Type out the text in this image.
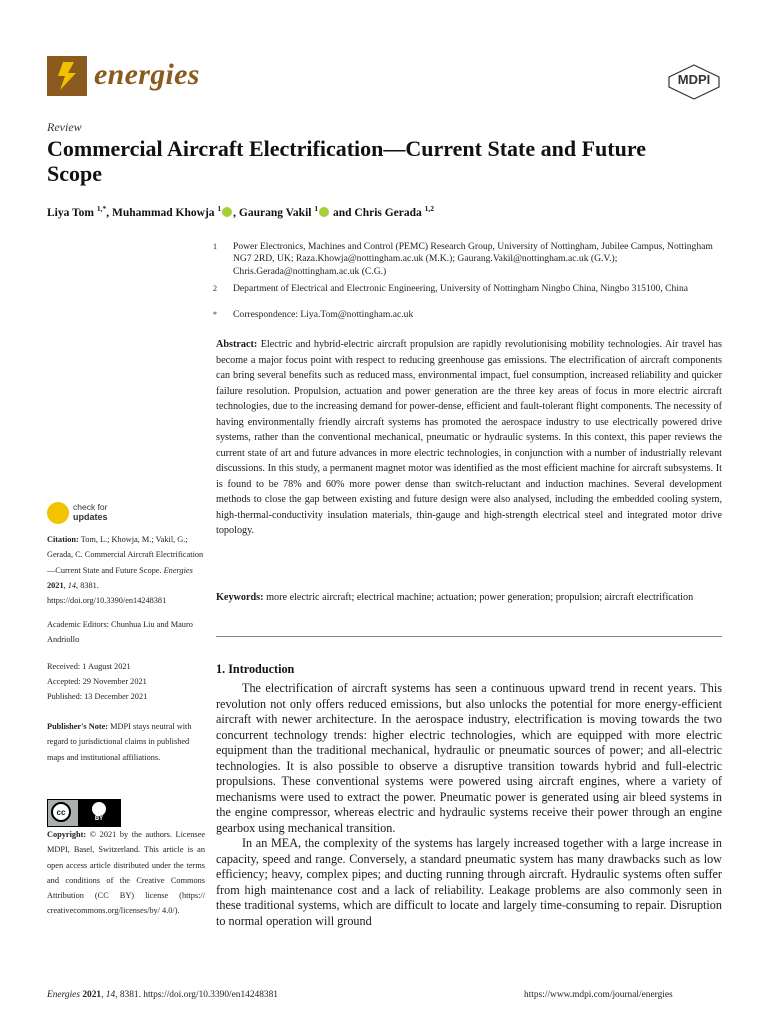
energies	MDPI
Review
Commercial Aircraft Electrification—Current State and Future Scope
Liya Tom $^{1,*}$, Muhammad Khowja $^1$ , Gaurang Vakil $^1$ and Chris Gerada $^{1,2}$
1 Power Electronics, Machines and Control (PEMC) Research Group, University of Nottingham, Jubilee Campus, Nottingham NG7 2RD, UK; Raza.Khowja@nottingham.ac.uk (M.K.); Gaurang.Vakil@nottingham.ac.uk (G.V.); Chris.Gerada@nottingham.ac.uk (C.G.)
2 Department of Electrical and Electronic Engineering, University of Nottingham Ningbo China, Ningbo 315100, China
* Correspondence: Liya.Tom@nottingham.ac.uk
Abstract: Electric and hybrid-electric aircraft propulsion are rapidly revolutionising mobility technologies. Air travel has become a major focus point with respect to reducing greenhouse gas emissions. The electrification of aircraft components can bring several benefits such as reduced mass, environmental impact, fuel consumption, increased reliability and quicker failure resolution. Propulsion, actuation and power generation are the three key areas of focus in more electric aircraft technologies, due to the increasing demand for power-dense, efficient and fault-tolerant flight components. The necessity of having environmentally friendly aircraft systems has promoted the aerospace industry to use electrically powered drive systems, rather than the conventional mechanical, pneumatic or hydraulic systems. In this context, this paper reviews the current state of art and future advances in more electric technologies, in conjunction with a number of industrially relevant discussions. In this study, a permanent magnet motor was identified as the most efficient machine for aircraft subsystems. It is found to be 78% and 60% more power dense than switch-reluctant and induction machines. Several development methods to close the gap between existing and future design were also analysed, including the embedded cooling system, high-thermal-conductivity insulation materials, thin-gauge and high-strength electrical steel and integrated motor drive topology.
Keywords: more electric aircraft; electrical machine; actuation; power generation; propulsion; aircraft electrification
check for
updates
Citation: Tom, L.; Khowja, M.; Vakil, G.; Gerada, C. Commercial Aircraft Electrification—Current State and Future Scope. Energies 2021, 14, 8381. https://doi.org/10.3390/en14248381
Academic Editors: Chunhua Liu and Mauro Andriollo
Received: 1 August 2021
Accepted: 29 November 2021
Published: 13 December 2021
Publisher's Note: MDPI stays neutral with regard to jurisdictional claims in published maps and institutional affiliations.
cc
BY
Copyright: © 2021 by the authors. Licensee MDPI, Basel, Switzerland. This article is an open access article distributed under the terms and conditions of the Creative Commons Attribution (CC BY) license (https:// creativecommons.org/licenses/by/ 4.0/).
1. Introduction

The electrification of aircraft systems has seen a continuous upward trend in recent years. This revolution not only offers reduced emissions, but also unlocks the potential for more energy-efficient aircraft with newer architecture. In the aerospace industry, electrification is moving towards the two concurrent technology trends: higher electric technologies, which are equipped with more electric equipment than the traditional mechanical, hydraulic or pneumatic sources of power; and all-electric technologies. It is also possible to observe a disruptive transition towards hybrid and full-electric propulsions. These conventional systems were powered using aircraft engines, where a variety of mechanisms were used to extract the power. Pneumatic power is generated using air bleed systems in the engine compressor, whereas electric and hydraulic systems receive their power through an engine gearbox using mechanical transition.

In an MEA, the complexity of the systems has largely increased together with a large increase in capacity, speed and range. Conversely, a standard pneumatic system has many drawbacks such as low efficiency; heavy, complex pipes; and ducting running through aircraft. Hydraulic systems often suffer from high maintenance cost and a lack of reliability. Leakage problems are also commonly seen in these traditional systems, which are difficult to locate and largely time-consuming to repair. Disruption to normal operation will ground

Energies 2021, 14, 8381. https://doi.org/10.3390/en14248381	https://www.mdpi.com/journal/energies
